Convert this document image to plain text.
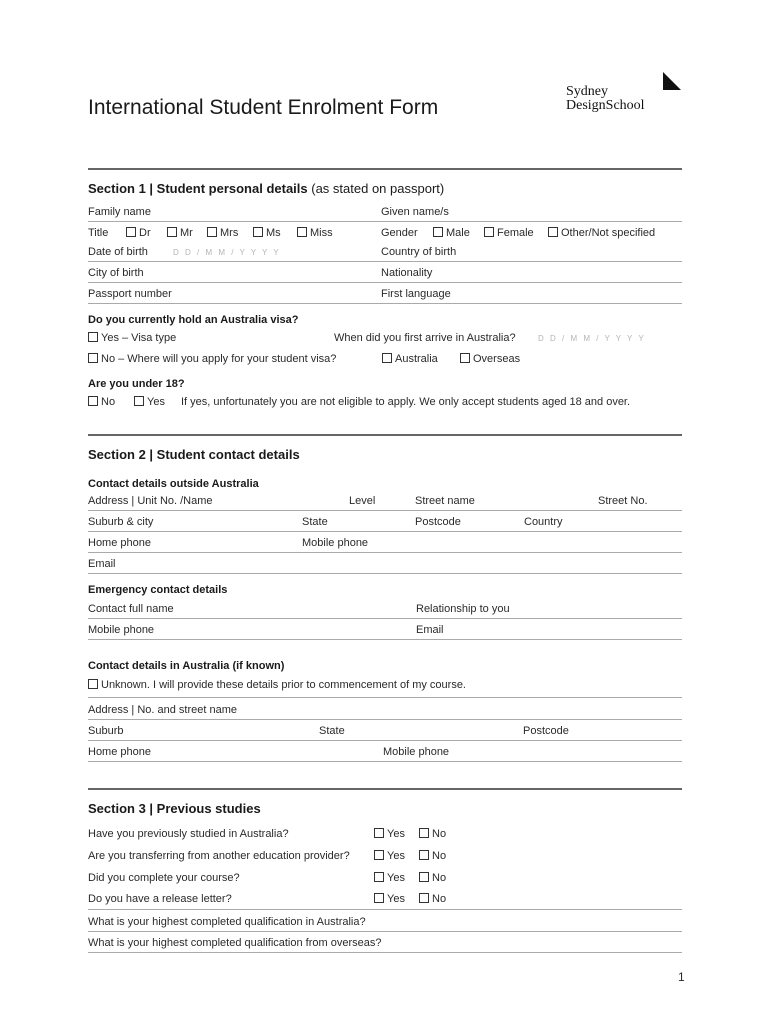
International Student Enrolment Form
Sydney
DesignSchool
Section 1 | Student personal details (as stated on passport)
Family name	Given name/s
Title	Dr	Mr	Mrs	Ms	Miss	Gender	Male	Female	Other/Not specified
Date of birth	D D / M M / Y Y Y Y	Country of birth
City of birth	Nationality
Passport number	First language
Do you currently hold an Australia visa?
Yes – Visa type	When did you first arrive in Australia?	D D / M M / Y Y Y Y
No – Where will you apply for your student visa?	Australia	Overseas
Are you under 18?
No	Yes If yes, unfortunately you are not eligible to apply. We only accept students aged 18 and over.
Section 2 | Student contact details
Contact details outside Australia
Address | Unit No. /Name	Level	Street name	Street No.
Suburb & city	State	Postcode	Country
Home phone	Mobile phone
Email
Emergency contact details
Contact full name	Relationship to you
Mobile phone	Email
Contact details in Australia (if known)
Unknown. I will provide these details prior to commencement of my course.
Address | No. and street name
Suburb	State	Postcode
Home phone	Mobile phone
Section 3 | Previous studies
Have you previously studied in Australia?	Yes	No
Are you transferring from another education provider?	Yes	No
Did you complete your course?	Yes	No
Do you have a release letter?	Yes	No
What is your highest completed qualification in Australia?
What is your highest completed qualification from overseas?
1
